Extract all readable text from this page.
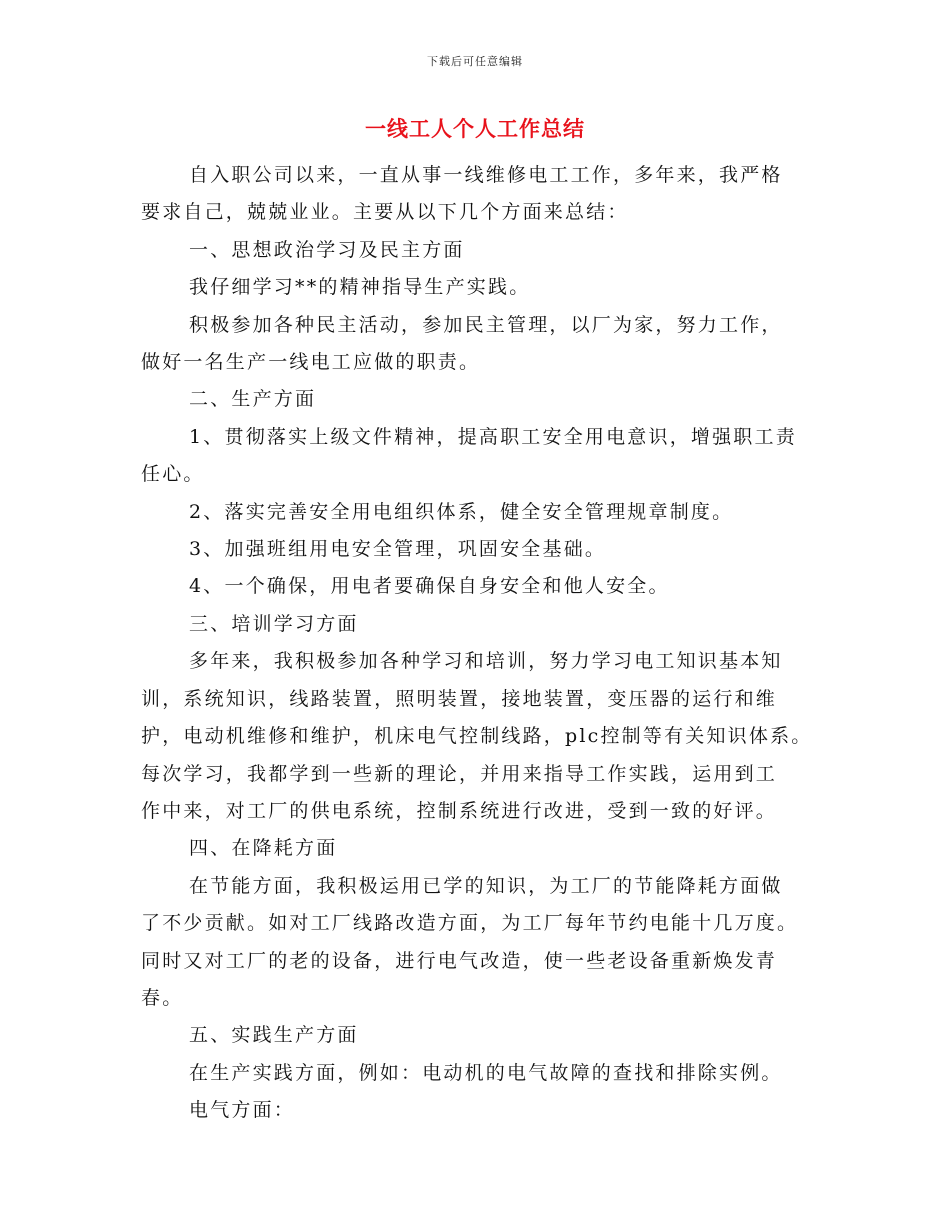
下载后可任意编辑
一线工人个人工作总结

自入职公司以来，一直从事一线维修电工工作，多年来，我严格

要求自己，兢兢业业。主要从以下几个方面来总结：

一、思想政治学习及民主方面

我仔细学习**的精神指导生产实践。

积极参加各种民主活动，参加民主管理，以厂为家，努力工作，

做好一名生产一线电工应做的职责。

二、生产方面

1、贯彻落实上级文件精神，提高职工安全用电意识，增强职工责

任心。

2、落实完善安全用电组织体系，健全安全管理规章制度。

3、加强班组用电安全管理，巩固安全基础。

4、一个确保，用电者要确保自身安全和他人安全。

三、培训学习方面

多年来，我积极参加各种学习和培训，努力学习电工知识基本知

训，系统知识，线路装置，照明装置，接地装置，变压器的运行和维

护，电动机维修和维护，机床电气控制线路，plc控制等有关知识体系。

每次学习，我都学到一些新的理论，并用来指导工作实践，运用到工

作中来，对工厂的供电系统，控制系统进行改进，受到一致的好评。

四、在降耗方面

在节能方面，我积极运用已学的知识，为工厂的节能降耗方面做

了不少贡献。如对工厂线路改造方面，为工厂每年节约电能十几万度。

同时又对工厂的老的设备，进行电气改造，使一些老设备重新焕发青

春。

五、实践生产方面

在生产实践方面，例如：电动机的电气故障的查找和排除实例。

电气方面：
